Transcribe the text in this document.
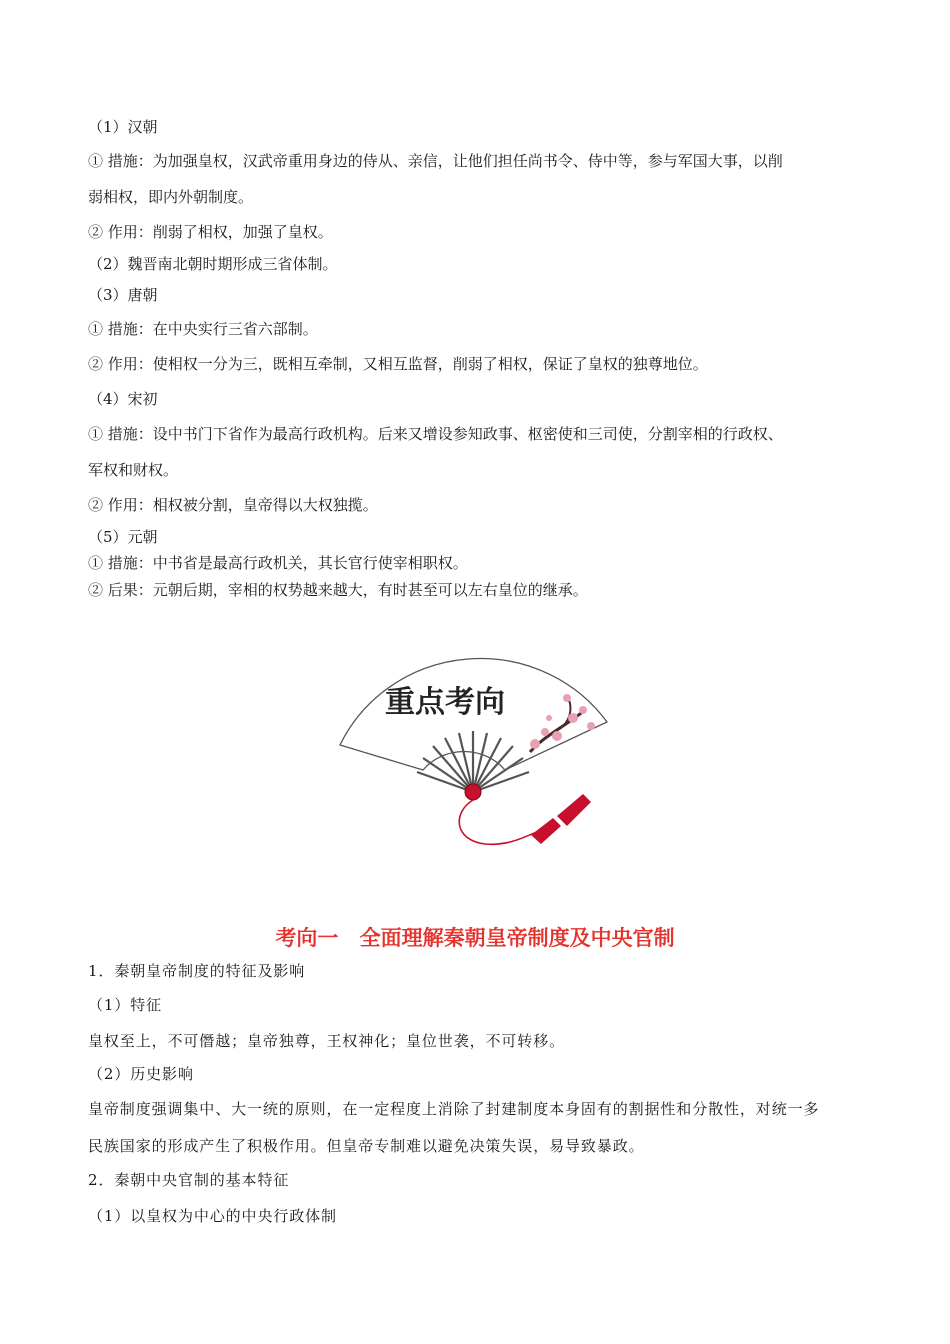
（1）汉朝

① 措施：为加强皇权，汉武帝重用身边的侍从、亲信，让他们担任尚书令、侍中等，参与军国大事，以削

弱相权，即内外朝制度。

② 作用：削弱了相权，加强了皇权。

（2）魏晋南北朝时期形成三省体制。

（3）唐朝

① 措施：在中央实行三省六部制。

② 作用：使相权一分为三，既相互牵制，又相互监督，削弱了相权，保证了皇权的独尊地位。

（4）宋初

① 措施：设中书门下省作为最高行政机构。后来又增设参知政事、枢密使和三司使，分割宰相的行政权、

军权和财权。

② 作用：相权被分割，皇帝得以大权独揽。

（5）元朝

① 措施：中书省是最高行政机关，其长官行使宰相职权。

② 后果：元朝后期，宰相的权势越来越大，有时甚至可以左右皇位的继承。

重点考向
考向一 全面理解秦朝皇帝制度及中央官制

1．秦朝皇帝制度的特征及影响

（1）特征

皇权至上，不可僭越；皇帝独尊，王权神化；皇位世袭，不可转移。

（2）历史影响

皇帝制度强调集中、大一统的原则，在一定程度上消除了封建制度本身固有的割据性和分散性，对统一多

民族国家的形成产生了积极作用。但皇帝专制难以避免决策失误，易导致暴政。

2．秦朝中央官制的基本特征

（1）以皇权为中心的中央行政体制
